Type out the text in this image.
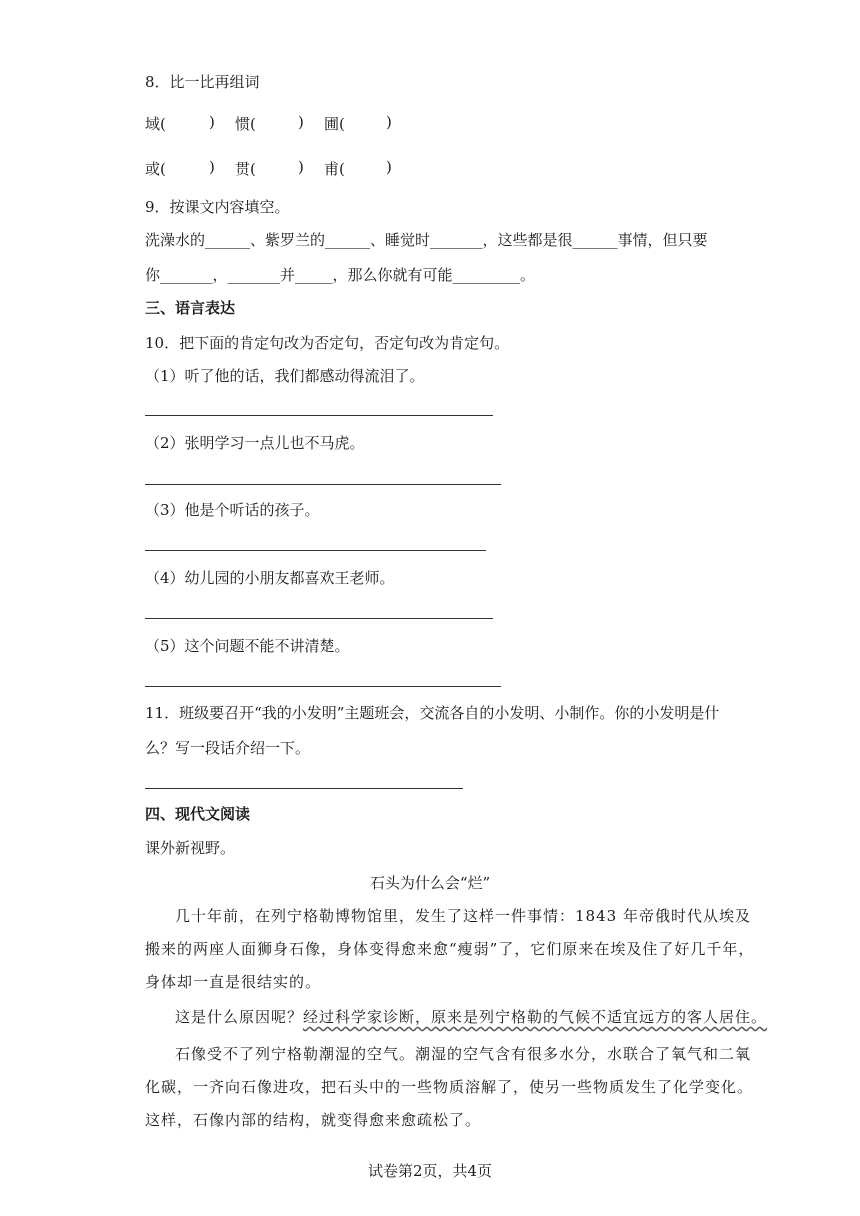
8．比一比再组词
域(	) 惯(	) 圃(	)
或(	) 贯(	) 甫(	)
9．按课文内容填空。
洗澡水的______、紫罗兰的______、睡觉时_______，这些都是很______事情，但只要
你_______，_______并_____，那么你就有可能_________。
三、语言表达
10．把下面的肯定句改为否定句，否定句改为肯定句。
（1）听了他的话，我们都感动得流泪了。
（2）张明学习一点儿也不马虎。
（3）他是个听话的孩子。
（4）幼儿园的小朋友都喜欢王老师。
（5）这个问题不能不讲清楚。
11．班级要召开“我的小发明”主题班会，交流各自的小发明、小制作。你的小发明是什
么？写一段话介绍一下。
四、现代文阅读
课外新视野。
石头为什么会“烂”
几十年前，在列宁格勒博物馆里，发生了这样一件事情：1843 年帝俄时代从埃及
搬来的两座人面狮身石像，身体变得愈来愈“瘦弱”了，它们原来在埃及住了好几千年，
身体却一直是很结实的。
这是什么原因呢？经过科学家诊断，原来是列宁格勒的气候不适宜远方的客人居住。
石像受不了列宁格勒潮湿的空气。潮湿的空气含有很多水分，水联合了氧气和二氧
化碳，一齐向石像进攻，把石头中的一些物质溶解了，使另一些物质发生了化学变化。
这样，石像内部的结构，就变得愈来愈疏松了。
试卷第2页，共4页
